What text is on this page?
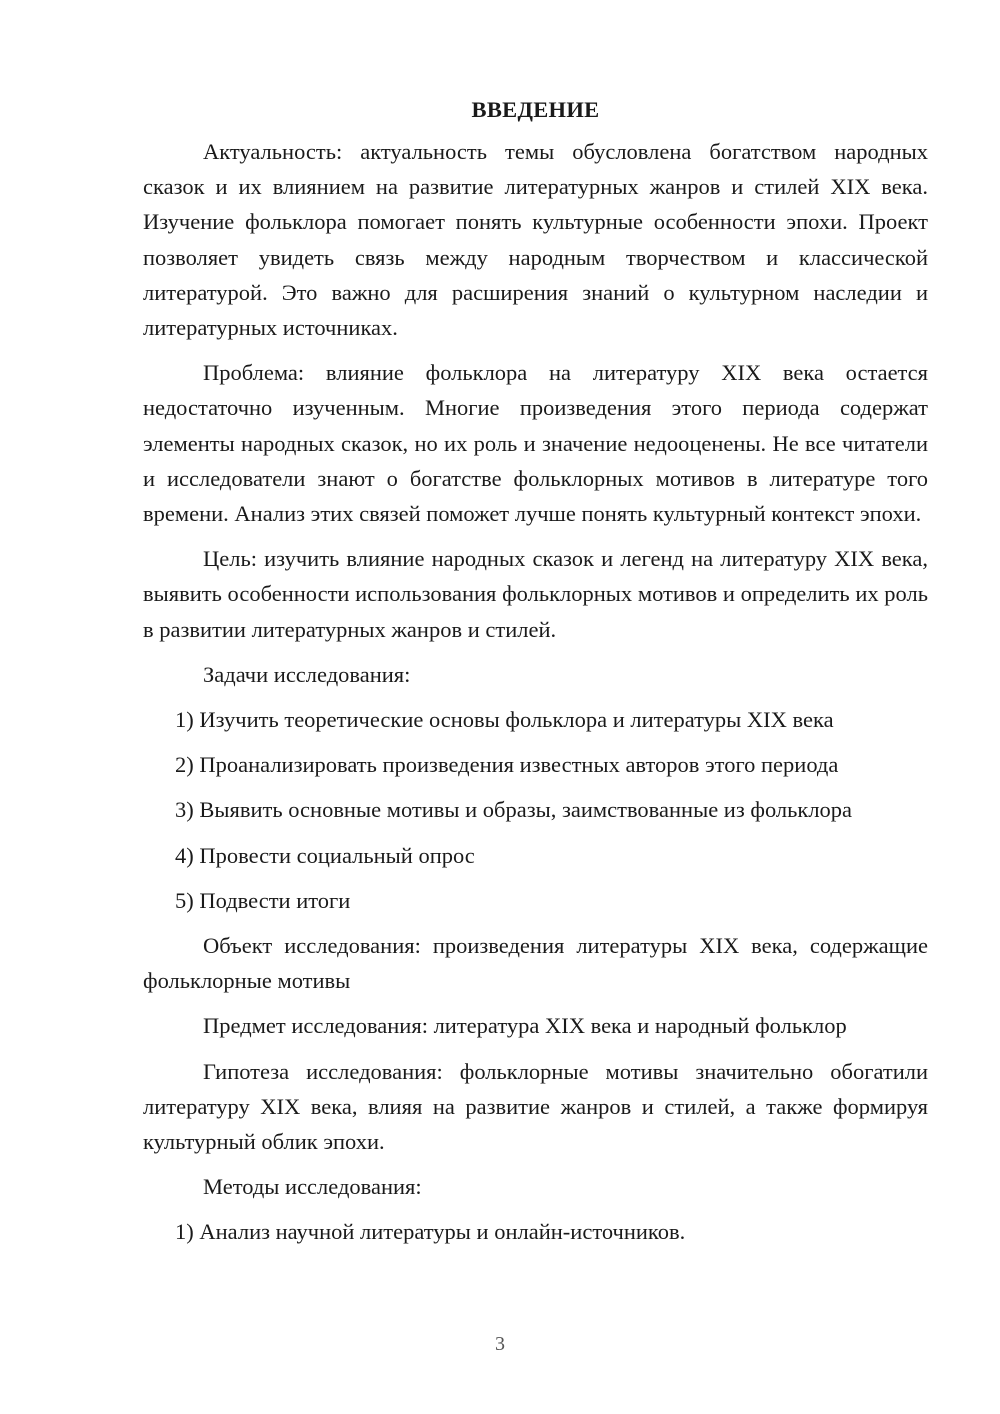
ВВЕДЕНИЕ

Актуальность: актуальность темы обусловлена богатством народных сказок и их влиянием на развитие литературных жанров и стилей XIX века. Изучение фольклора помогает понять культурные особенности эпохи. Проект позволяет увидеть связь между народным творчеством и классической литературой. Это важно для расширения знаний о культурном наследии и литературных источниках.

Проблема: влияние фольклора на литературу XIX века остается недостаточно изученным. Многие произведения этого периода содержат элементы народных сказок, но их роль и значение недооценены. Не все читатели и исследователи знают о богатстве фольклорных мотивов в литературе того времени. Анализ этих связей поможет лучше понять культурный контекст эпохи.

Цель: изучить влияние народных сказок и легенд на литературу XIX века, выявить особенности использования фольклорных мотивов и определить их роль в развитии литературных жанров и стилей.

Задачи исследования:

1) Изучить теоретические основы фольклора и литературы XIX века
2) Проанализировать произведения известных авторов этого периода
3) Выявить основные мотивы и образы, заимствованные из фольклора
4) Провести социальный опрос
5) Подвести итоги

Объект исследования: произведения литературы XIX века, содержащие фольклорные мотивы

Предмет исследования: литература XIX века и народный фольклор

Гипотеза исследования: фольклорные мотивы значительно обогатили литературу XIX века, влияя на развитие жанров и стилей, а также формируя культурный облик эпохи.

Методы исследования:

1) Анализ научной литературы и онлайн-источников.
3
